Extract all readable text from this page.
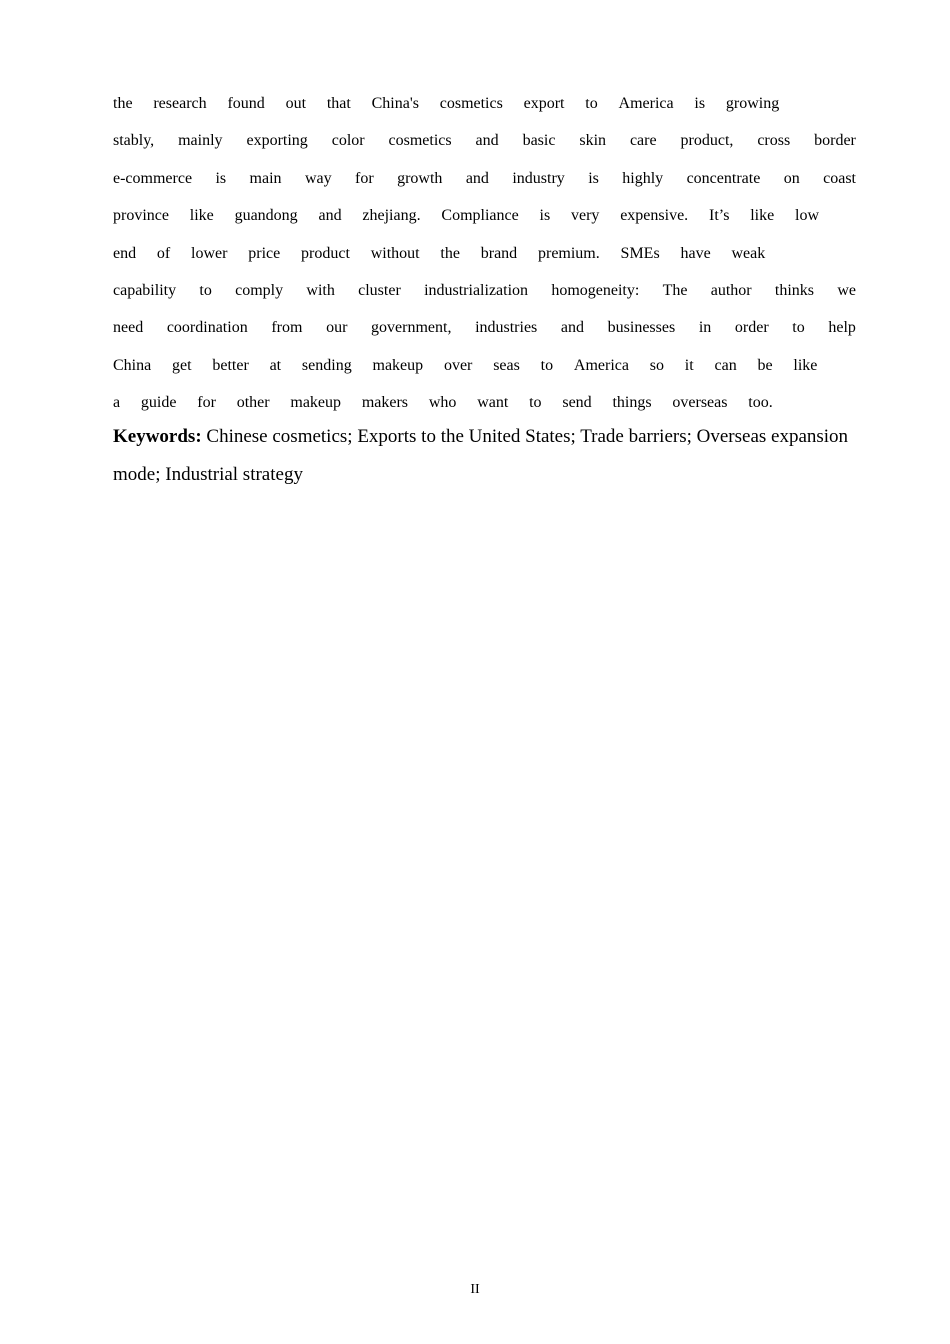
the research found out that China's cosmetics export to America is growing
stably, mainly exporting color cosmetics and basic skin care product, cross border
e-commerce is main way for growth and industry is highly concentrate on coast
province like guandong and zhejiang. Compliance is very expensive. It’s like low
end of lower price product without the brand premium. SMEs have weak
capability to comply with cluster industrialization homogeneity: The author thinks we
need coordination from our government, industries and businesses in order to help
China get better at sending makeup over seas to America so it can be like
a guide for other makeup makers who want to send things overseas too.

Keywords: Chinese cosmetics; Exports to the United States; Trade barriers; Overseas expansion mode; Industrial strategy

II
